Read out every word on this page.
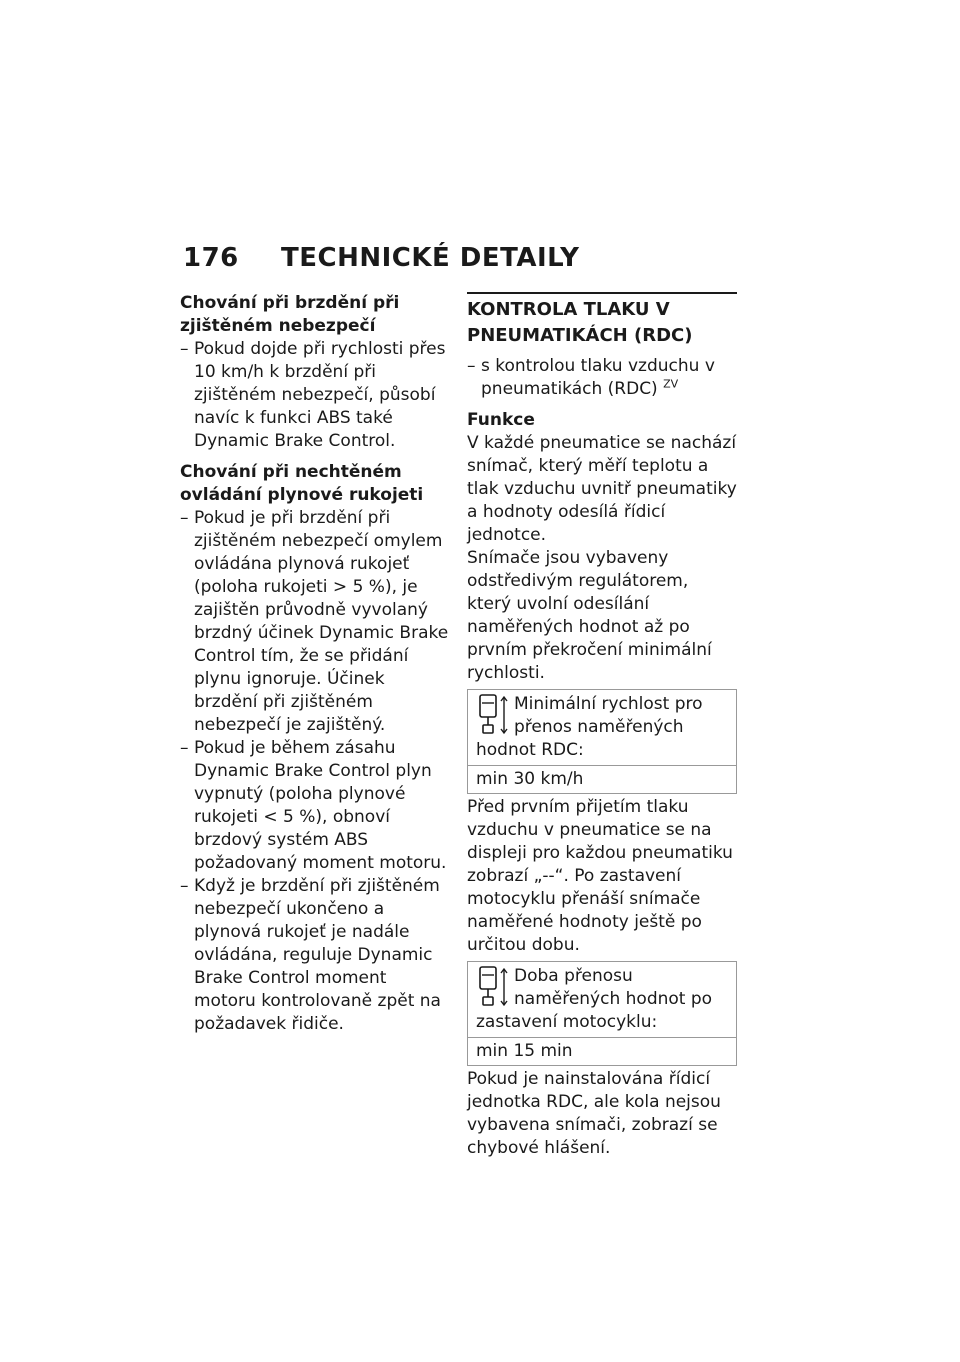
176 TECHNICKÉ DETAILY
Chování při brzdění při zjištěném nebezpečí
– Pokud dojde při rychlosti přes 10 km/h k brzdění při zjištěném nebezpečí, působí navíc k funkci ABS také Dynamic Brake Control.
Chování při nechtěném ovládání plynové rukojeti
– Pokud je při brzdění při zjištěném nebezpečí omylem ovládána plynová rukojeť (poloha rukojeti > 5 %), je zajištěn průvodně vyvolaný brzdný účinek Dynamic Brake Control tím, že se přidání plynu ignoruje. Účinek brzdění při zjištěném nebezpečí je zajištěný.
– Pokud je během zásahu Dynamic Brake Control plyn vypnutý (poloha plynové rukojeti < 5 %), obnoví brzdový systém ABS požadovaný moment motoru.
– Když je brzdění při zjištěném nebezpečí ukončeno a plynová rukojeť je nadále ovládána, reguluje Dynamic Brake Control moment motoru kontrolovaně zpět na požadavek řidiče.
KONTROLA TLAKU V PNEUMATIKÁCH (RDC)
– s kontrolou tlaku vzduchu v pneumatikách (RDC) $^{ZV}$
Funkce

V každé pneumatice se nachází snímač, který měří teplotu a tlak vzduchu uvnitř pneumatiky a hodnoty odesílá řídicí jednotce.

Snímače jsou vybaveny odstředivým regulátorem, který uvolní odesílání naměřených hodnot až po prvním překročení minimální rychlosti.

Minimální rychlost pro přenos naměřených hodnot RDC:
min 30 km/h

Před prvním přijetím tlaku vzduchu v pneumatice se na displeji pro každou pneumatiku zobrazí „--“. Po zastavení motocyklu přenáší snímače naměřené hodnoty ještě po určitou dobu.

Doba přenosu naměřených hodnot po zastavení motocyklu:
min 15 min

Pokud je nainstalována řídicí jednotka RDC, ale kola nejsou vybavena snímači, zobrazí se chybové hlášení.
